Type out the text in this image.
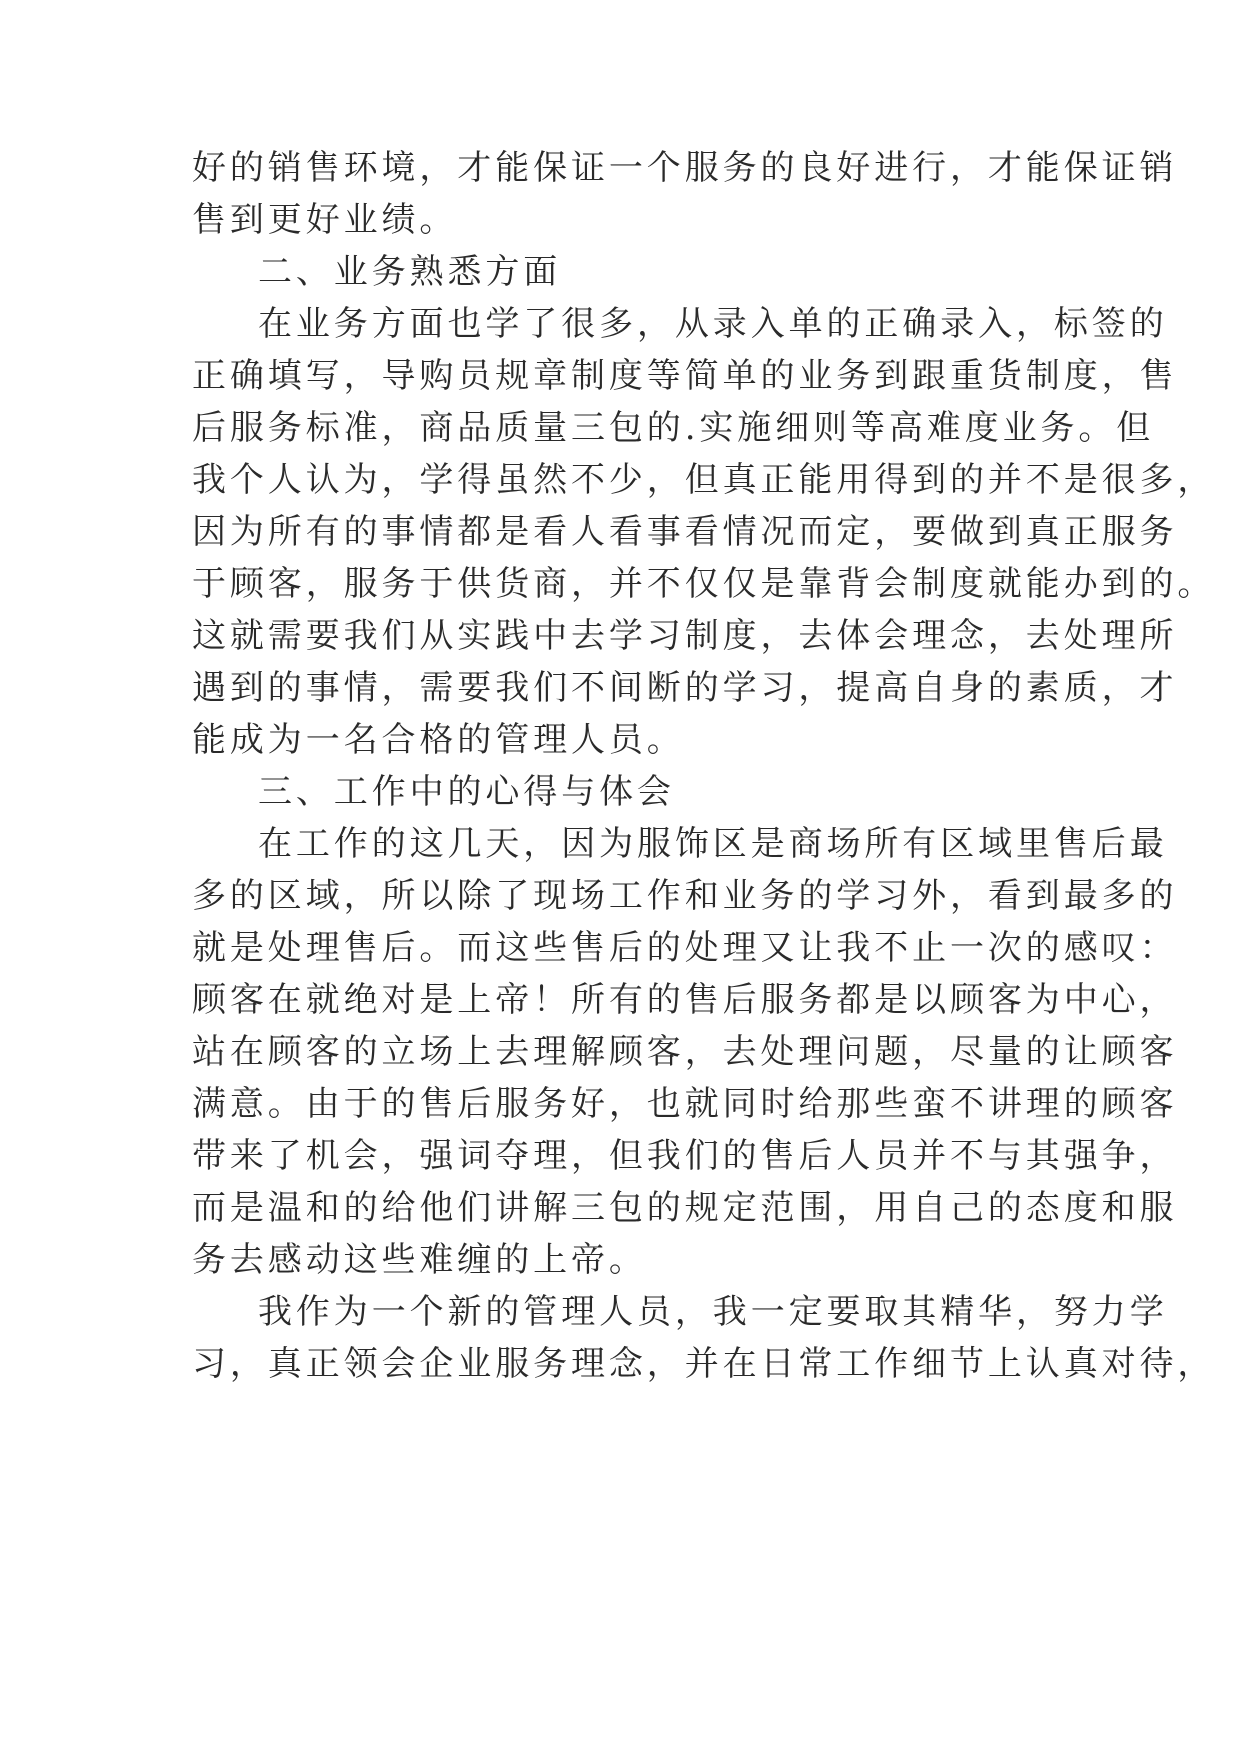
好的销售环境，才能保证一个服务的良好进行，才能保证销
售到更好业绩。
二、业务熟悉方面
在业务方面也学了很多，从录入单的正确录入，标签的
正确填写，导购员规章制度等简单的业务到跟重货制度，售
后服务标准，商品质量三包的.实施细则等高难度业务。但
我个人认为，学得虽然不少，但真正能用得到的并不是很多，
因为所有的事情都是看人看事看情况而定，要做到真正服务
于顾客，服务于供货商，并不仅仅是靠背会制度就能办到的。
这就需要我们从实践中去学习制度，去体会理念，去处理所
遇到的事情，需要我们不间断的学习，提高自身的素质，才
能成为一名合格的管理人员。
三、工作中的心得与体会
在工作的这几天，因为服饰区是商场所有区域里售后最
多的区域，所以除了现场工作和业务的学习外，看到最多的
就是处理售后。而这些售后的处理又让我不止一次的感叹：
顾客在就绝对是上帝！所有的售后服务都是以顾客为中心，
站在顾客的立场上去理解顾客，去处理问题，尽量的让顾客
满意。由于的售后服务好，也就同时给那些蛮不讲理的顾客
带来了机会，强词夺理，但我们的售后人员并不与其强争，
而是温和的给他们讲解三包的规定范围，用自己的态度和服
务去感动这些难缠的上帝。
我作为一个新的管理人员，我一定要取其精华，努力学
习，真正领会企业服务理念，并在日常工作细节上认真对待，
